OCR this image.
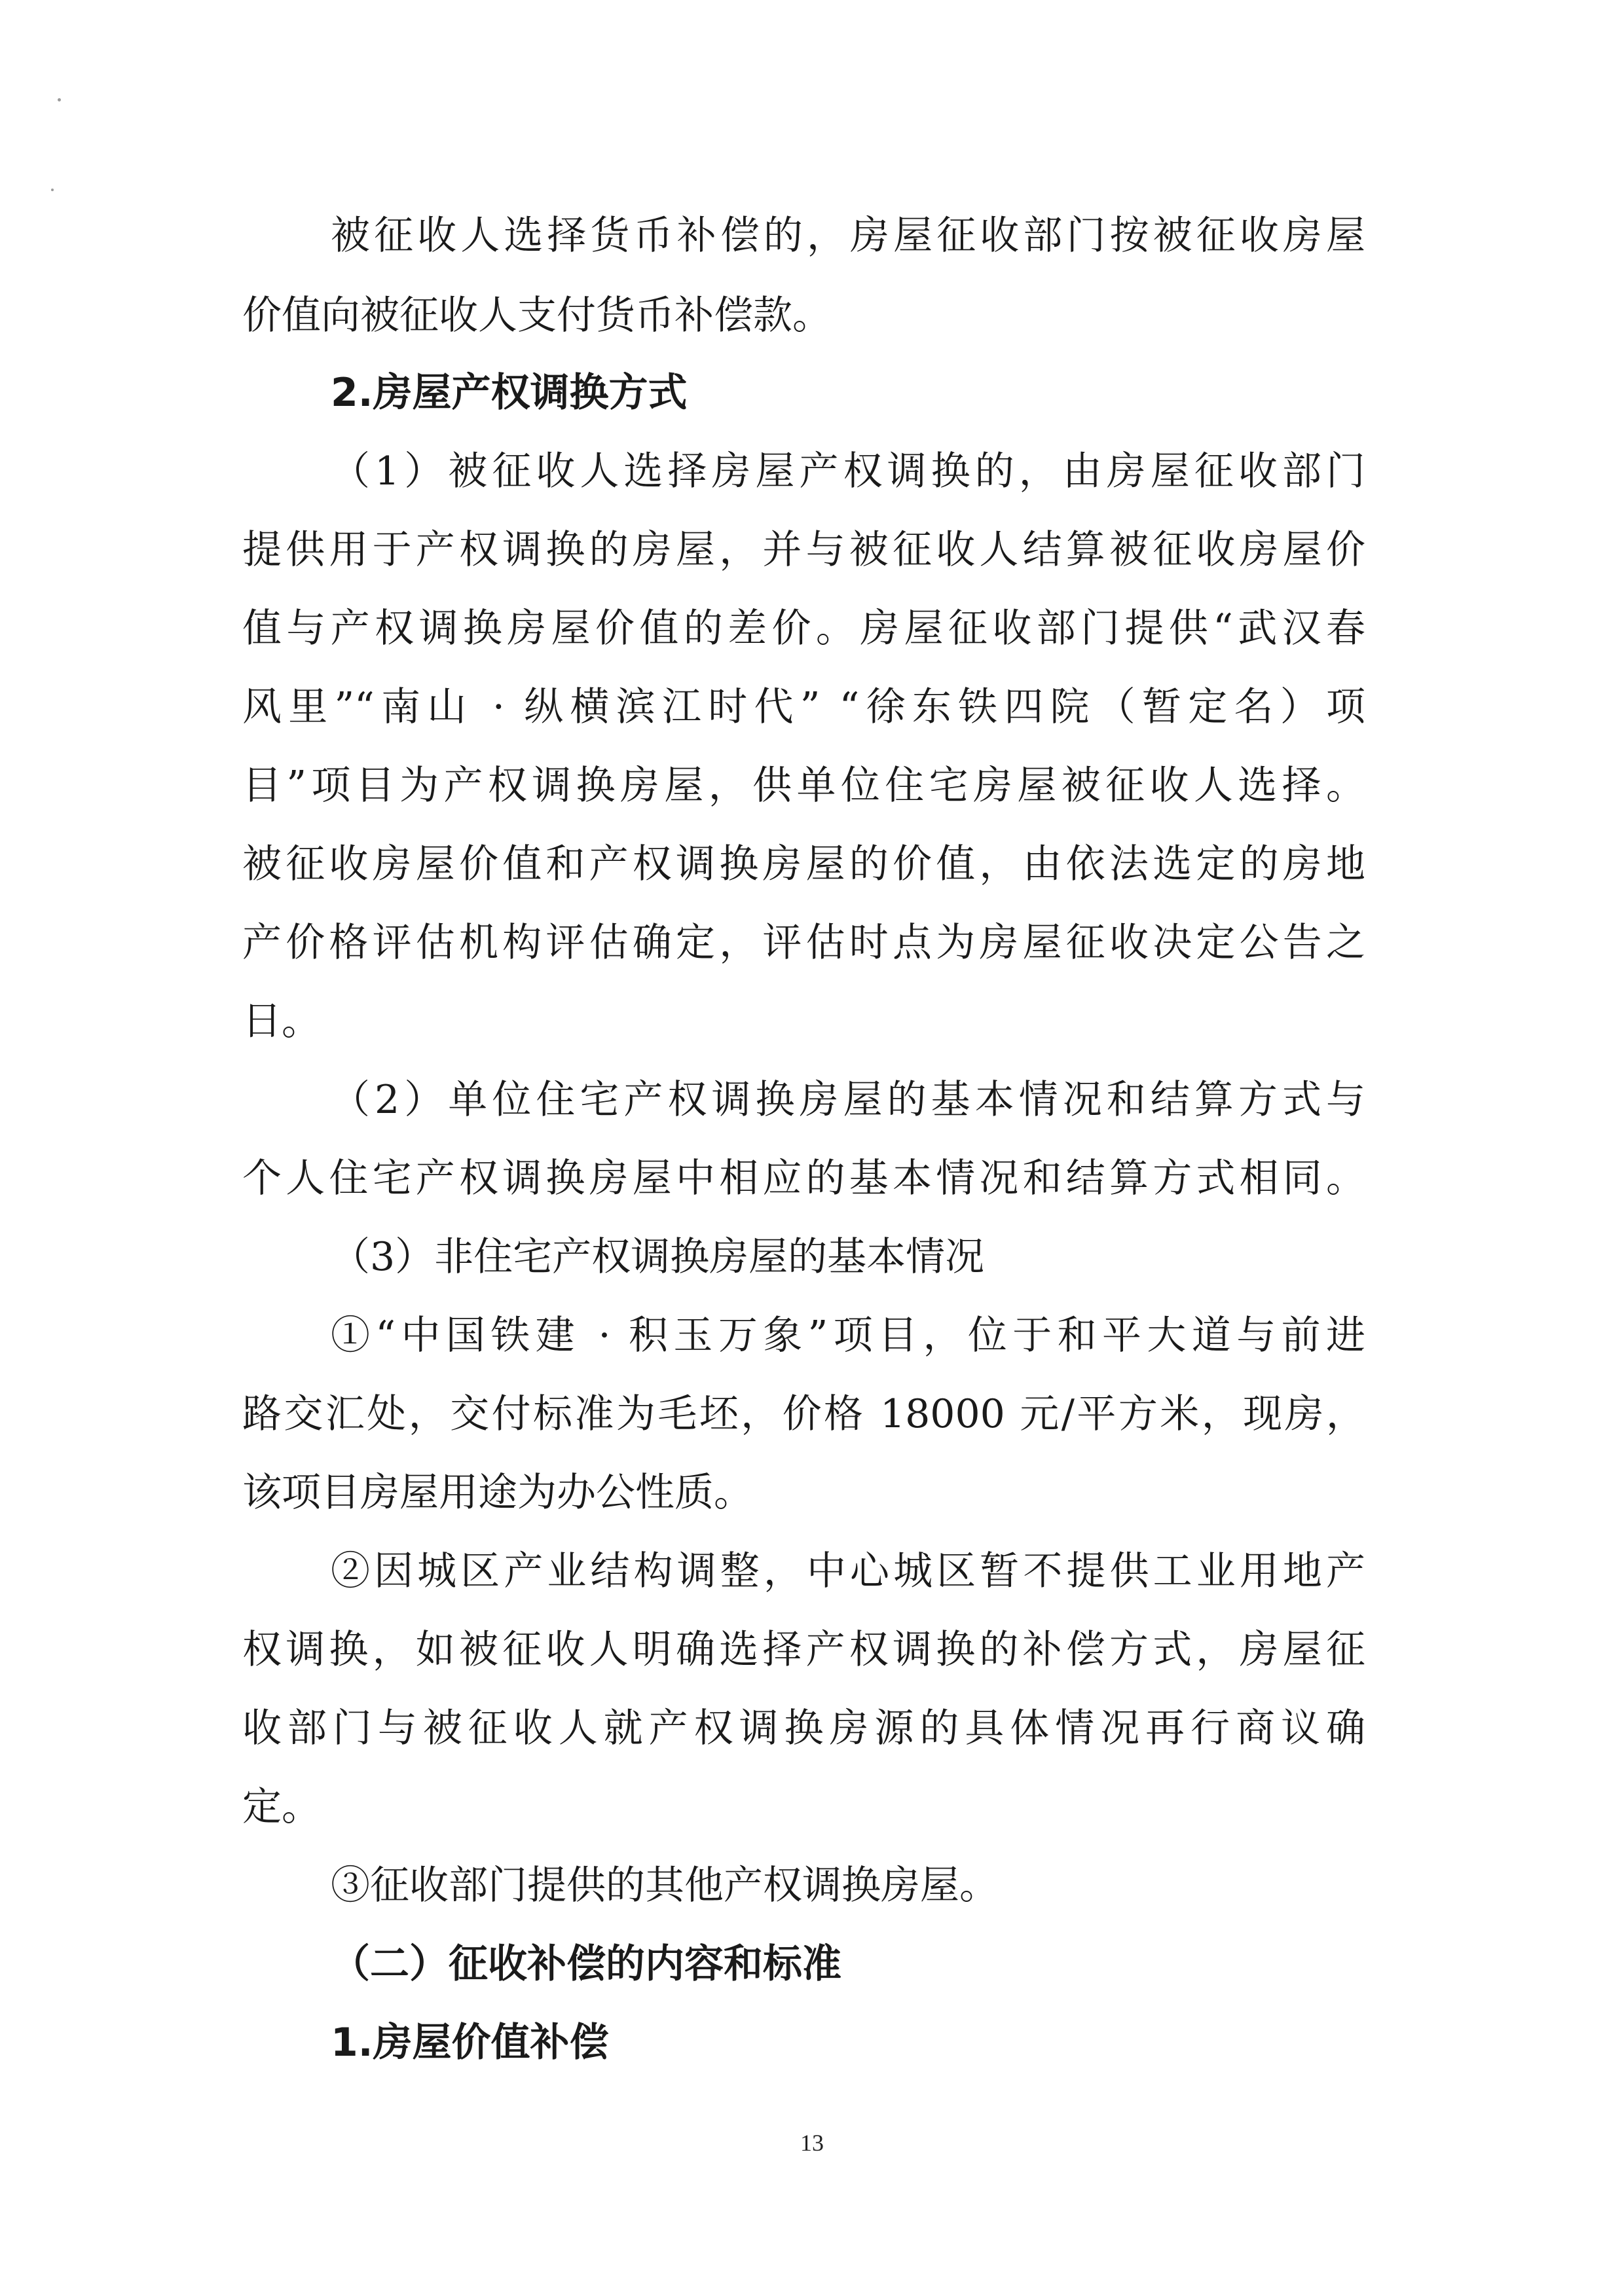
被征收人选择货币补偿的，房屋征收部门按被征收房屋
价值向被征收人支付货币补偿款。
2.房屋产权调换方式
（1）被征收人选择房屋产权调换的，由房屋征收部门
提供用于产权调换的房屋，并与被征收人结算被征收房屋价
值与产权调换房屋价值的差价。房屋征收部门提供“武汉春
风里”“南山 · 纵横滨江时代” “徐东铁四院（暂定名）项
目”项目为产权调换房屋，供单位住宅房屋被征收人选择。
被征收房屋价值和产权调换房屋的价值，由依法选定的房地
产价格评估机构评估确定，评估时点为房屋征收决定公告之
日。
（2）单位住宅产权调换房屋的基本情况和结算方式与
个人住宅产权调换房屋中相应的基本情况和结算方式相同。
（3）非住宅产权调换房屋的基本情况
①“中国铁建 · 积玉万象”项目，位于和平大道与前进
路交汇处，交付标准为毛坯，价格 18000 元/平方米，现房，
该项目房屋用途为办公性质。
②因城区产业结构调整，中心城区暂不提供工业用地产
权调换，如被征收人明确选择产权调换的补偿方式，房屋征
收部门与被征收人就产权调换房源的具体情况再行商议确
定。
③征收部门提供的其他产权调换房屋。
（二）征收补偿的内容和标准
1.房屋价值补偿
13
